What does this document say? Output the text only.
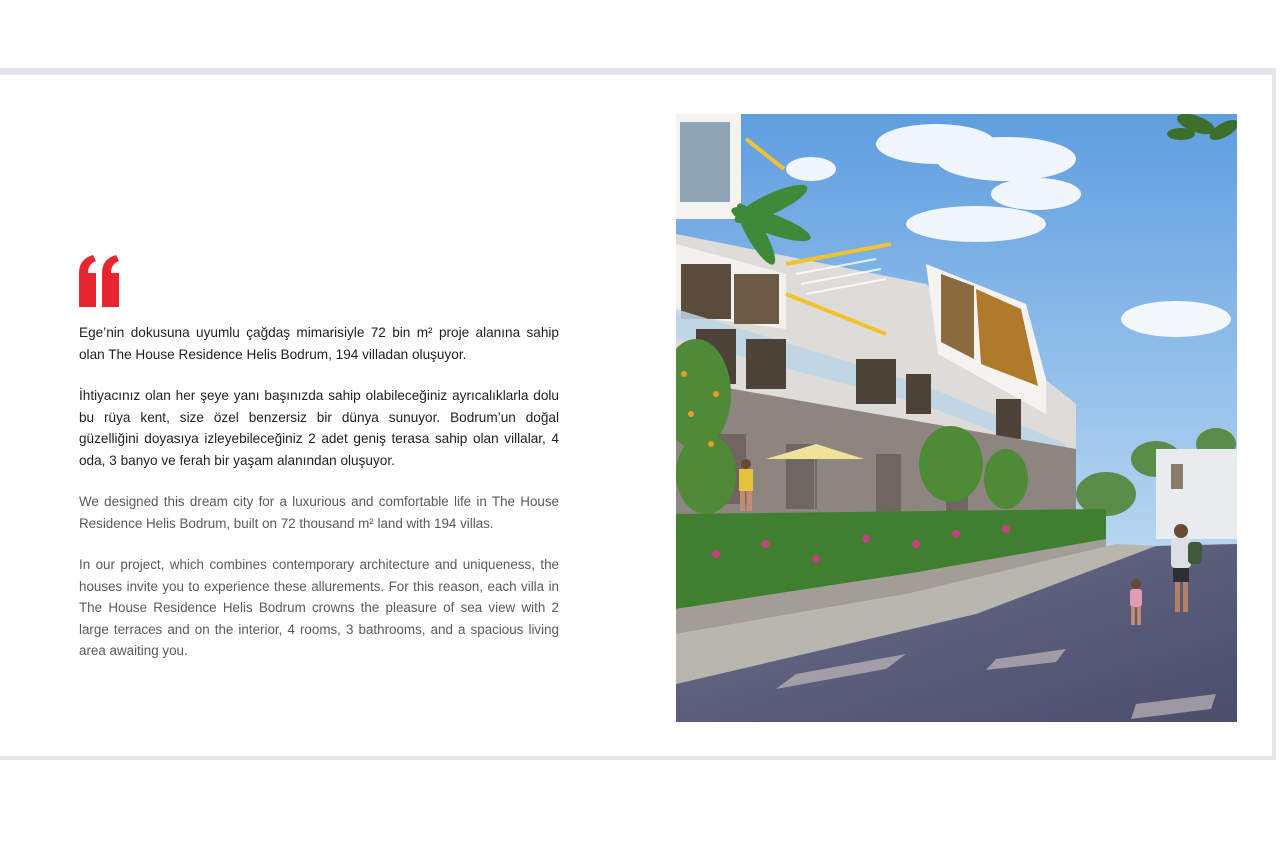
Ege’nin dokusuna uyumlu çağdaş mimarisiyle 72 bin m² proje alanına sahip olan The House Residence Helis Bodrum, 194 villadan oluşuyor.

İhtiyacınız olan her şeye yanı başınızda sahip olabileceğiniz ayrıcalıklarla dolu bu rüya kent, size özel benzersiz bir dünya sunuyor. Bodrum’un doğal güzelliğini doyasıya izleyebileceğiniz 2 adet geniş terasa sahip olan villalar, 4 oda, 3 banyo ve ferah bir yaşam alanından oluşuyor.

We designed this dream city for a luxurious and comfortable life in The House Residence Helis Bodrum, built on 72 thousand m² land with 194 villas.

In our project, which combines contemporary architecture and uniqueness, the houses invite you to experience these allurements. For this reason, each villa in The House Residence Helis Bodrum crowns the pleasure of sea view with 2 large terraces and on the interior, 4 rooms, 3 bathrooms, and a spacious living area awaiting you.
